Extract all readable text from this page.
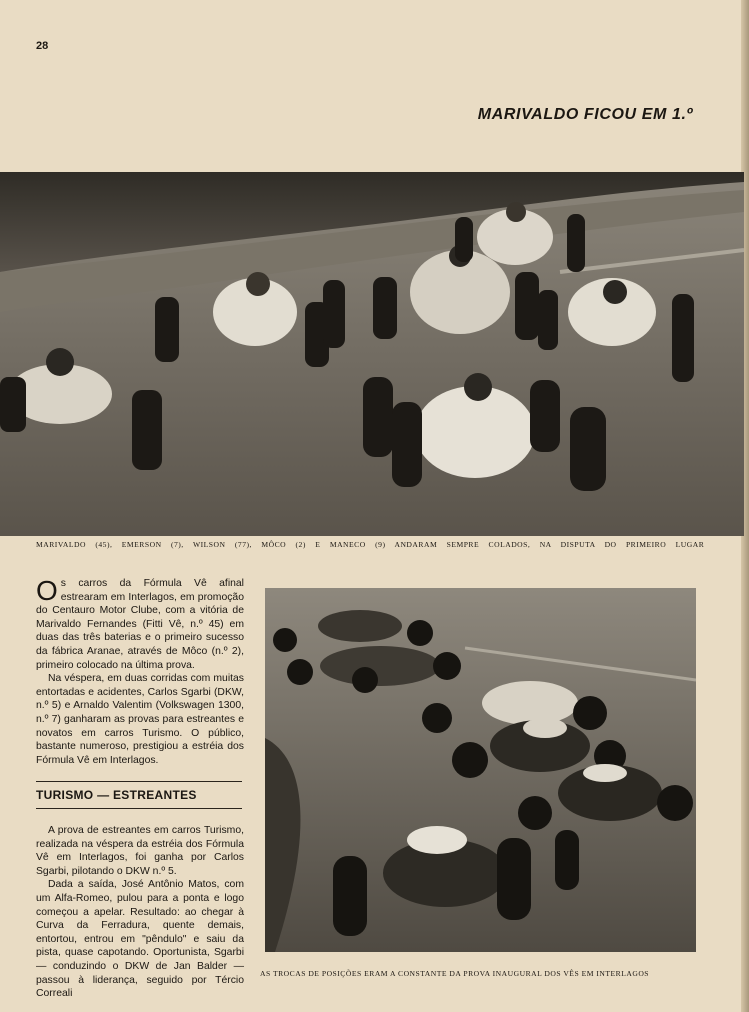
28
MARIVALDO FICOU EM 1.º
MARIVALDO (45), EMERSON (7), WILSON (77), MÔCO (2) E MANECO (9) ANDARAM SEMPRE COLADOS, NA DISPUTA DO PRIMEIRO LUGAR

Os carros da Fórmula Vê afinal estrearam em Interlagos, em promoção do Centauro Motor Clube, com a vitória de Marivaldo Fernandes (Fitti Vê, n.º 45) em duas das três baterias e o primeiro sucesso da fábrica Aranae, através de Môco (n.º 2), primeiro colocado na última prova.

Na véspera, em duas corridas com muitas entortadas e acidentes, Carlos Sgarbi (DKW, n.º 5) e Arnaldo Valentim (Volkswagen 1300, n.º 7) ganharam as provas para estreantes e novatos em carros Turismo. O público, bastante numeroso, prestigiou a estréia dos Fórmula Vê em Interlagos.

TURISMO — ESTREANTES

A prova de estreantes em carros Turismo, realizada na véspera da estréia dos Fórmula Vê em Interlagos, foi ganha por Carlos Sgarbi, pilotando o DKW n.º 5.

Dada a saída, José Antônio Matos, com um Alfa-Romeo, pulou para a ponta e logo começou a apelar. Resultado: ao chegar à Curva da Ferradura, quente demais, entortou, entrou em "pêndulo" e saiu da pista, quase capotando. Oportunista, Sgarbi — conduzindo o DKW de Jan Balder — passou à liderança, seguido por Tércio Correali

AS TROCAS DE POSIÇÕES ERAM A CONSTANTE DA PROVA INAUGURAL DOS VÊS EM INTERLAGOS
